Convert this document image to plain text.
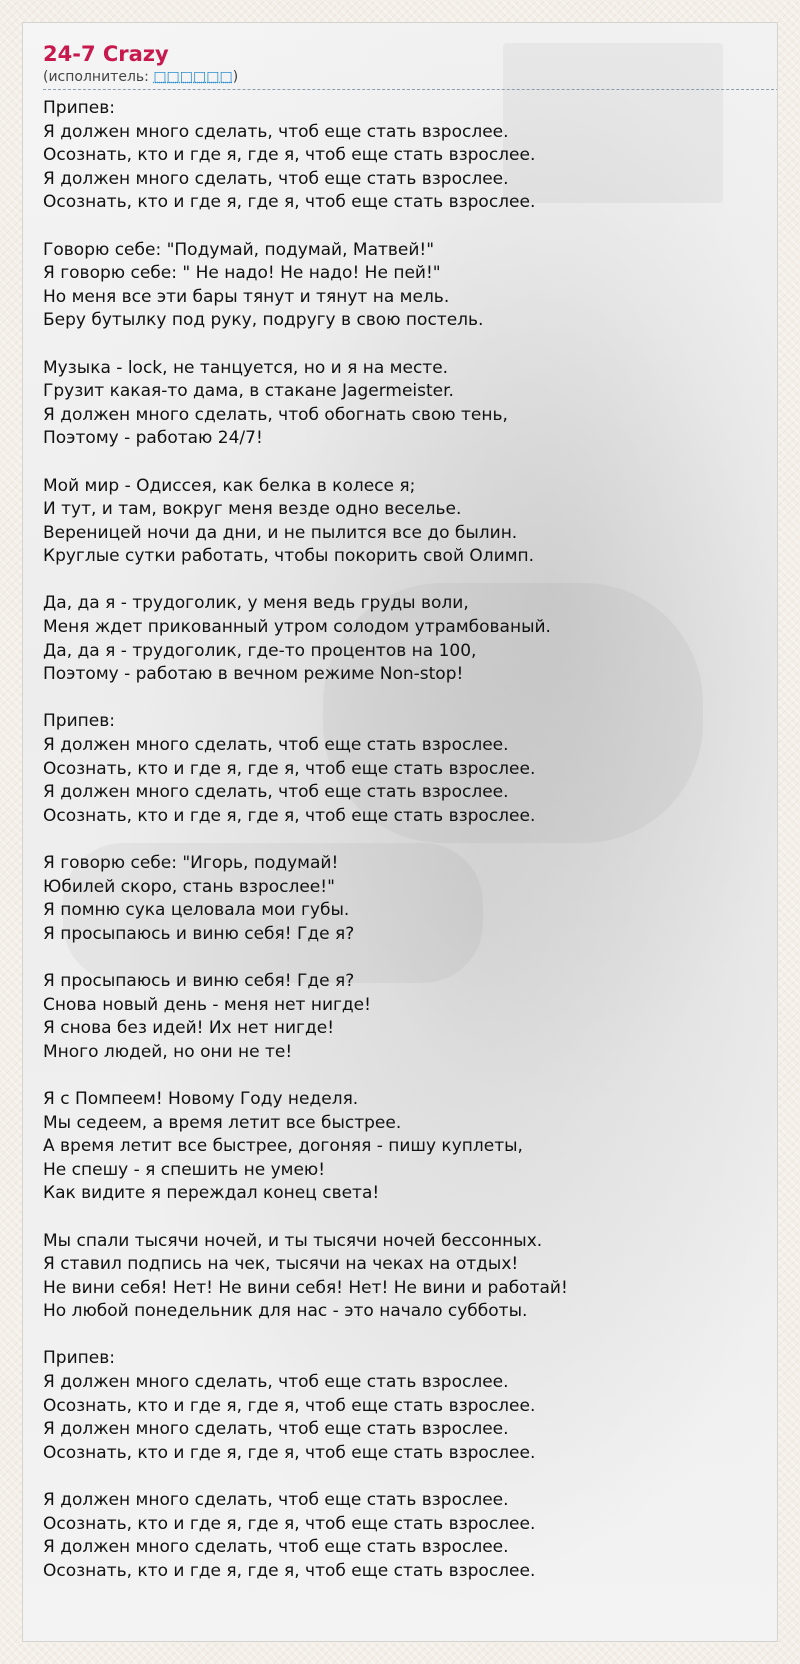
24-7 Crazy
(исполнитель: □□□□□□)
Припев:
Я должен много сделать, чтоб еще стать взрослее.
Осознать, кто и где я, где я, чтоб еще стать взрослее.
Я должен много сделать, чтоб еще стать взрослее.
Осознать, кто и где я, где я, чтоб еще стать взрослее.
Говорю себе: "Подумай, подумай, Матвей!"
Я говорю себе: " Не надо! Не надо! Не пей!"
Но меня все эти бары тянут и тянут на мель.
Беру бутылку под руку, подругу в свою постель.
Музыка - lock, не танцуется, но и я на месте.
Грузит какая-то дама, в стакане Jagermeister.
Я должен много сделать, чтоб обогнать свою тень,
Поэтому - работаю 24/7!
Мой мир - Одиссея, как белка в колесе я;
И тут, и там, вокруг меня везде одно веселье.
Вереницей ночи да дни, и не пылится все до былин.
Круглые сутки работать, чтобы покорить свой Олимп.
Да, да я - трудоголик, у меня ведь груды воли,
Меня ждет прикованный утром солодом утрамбованый.
Да, да я - трудоголик, где-то процентов на 100,
Поэтому - работаю в вечном режиме Non-stop!
Припев:
Я должен много сделать, чтоб еще стать взрослее.
Осознать, кто и где я, где я, чтоб еще стать взрослее.
Я должен много сделать, чтоб еще стать взрослее.
Осознать, кто и где я, где я, чтоб еще стать взрослее.
Я говорю себе: "Игорь, подумай!
Юбилей скоро, стань взрослее!"
Я помню сука целовала мои губы.
Я просыпаюсь и виню себя! Где я?
Я просыпаюсь и виню себя! Где я?
Снова новый день - меня нет нигде!
Я снова без идей! Их нет нигде!
Много людей, но они не те!
Я с Помпеем! Новому Году неделя.
Мы седеем, а время летит все быстрее.
А время летит все быстрее, догоняя - пишу куплеты,
Не спешу - я спешить не умею!
Как видите я переждал конец света!
Мы спали тысячи ночей, и ты тысячи ночей бессонных.
Я ставил подпись на чек, тысячи на чеках на отдых!
Не вини себя! Нет! Не вини себя! Нет! Не вини и работай!
Но любой понедельник для нас - это начало субботы.
Припев:
Я должен много сделать, чтоб еще стать взрослее.
Осознать, кто и где я, где я, чтоб еще стать взрослее.
Я должен много сделать, чтоб еще стать взрослее.
Осознать, кто и где я, где я, чтоб еще стать взрослее.
Я должен много сделать, чтоб еще стать взрослее.
Осознать, кто и где я, где я, чтоб еще стать взрослее.
Я должен много сделать, чтоб еще стать взрослее.
Осознать, кто и где я, где я, чтоб еще стать взрослее.
